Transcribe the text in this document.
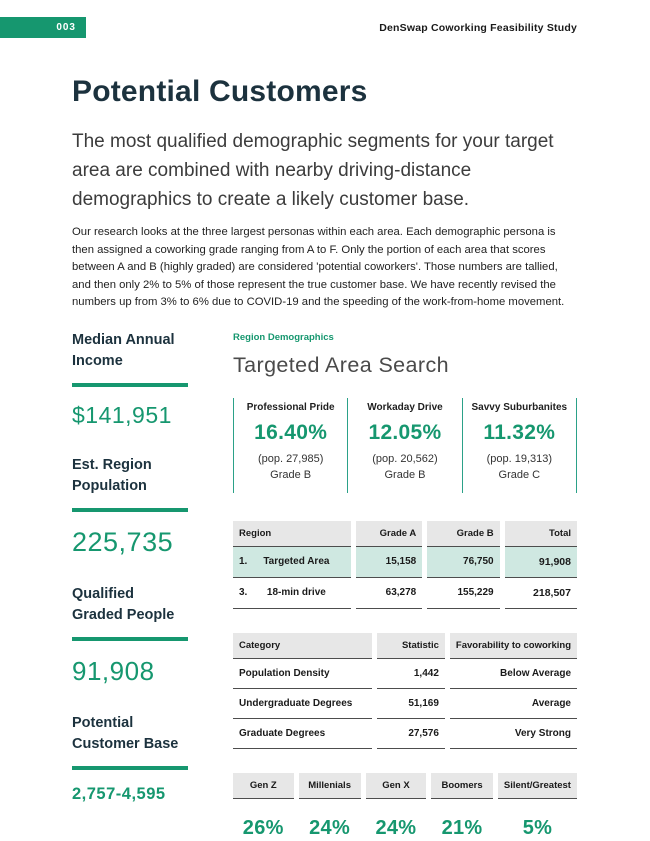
003	DenSwap Coworking Feasibility Study
Potential Customers

The most qualified demographic segments for your target area are combined with nearby driving-distance demographics to create a likely customer base.

Our research looks at the three largest personas within each area. Each demographic persona is then assigned a coworking grade ranging from A to F. Only the portion of each area that scores between A and B (highly graded) are considered 'potential coworkers'. Those numbers are tallied, and then only 2% to 5% of those represent the true customer base. We have recently revised the numbers up from 3% to 6% due to COVID-19 and the speeding of the work-from-home movement.

Median Annual Income
$141,951
Est. Region Population
225,735
Qualified Graded People
91,908
Potential Customer Base
2,757-4,595
Region Demographics
Targeted Area Search
Professional Pride
16.40%
(pop. 27,985)
Grade B
Workaday Drive
12.05%
(pop. 20,562)
Grade B
Savvy Suburbanites
11.32%
(pop. 19,313)
Grade C
Region	Grade A	Grade B	Total

1. Targeted Area	15,158	76,750	91,908

3. 18-min drive	63,278	155,229	218,507
Category	Statistic	Favorability to coworking
Population Density	1,442	Below Average
Undergraduate Degrees	51,169	Average
Graduate Degrees	27,576	Very Strong
Gen Z	Millenials	Gen X	Boomers	Silent/Greatest
26%	24%	24%	21%	5%
